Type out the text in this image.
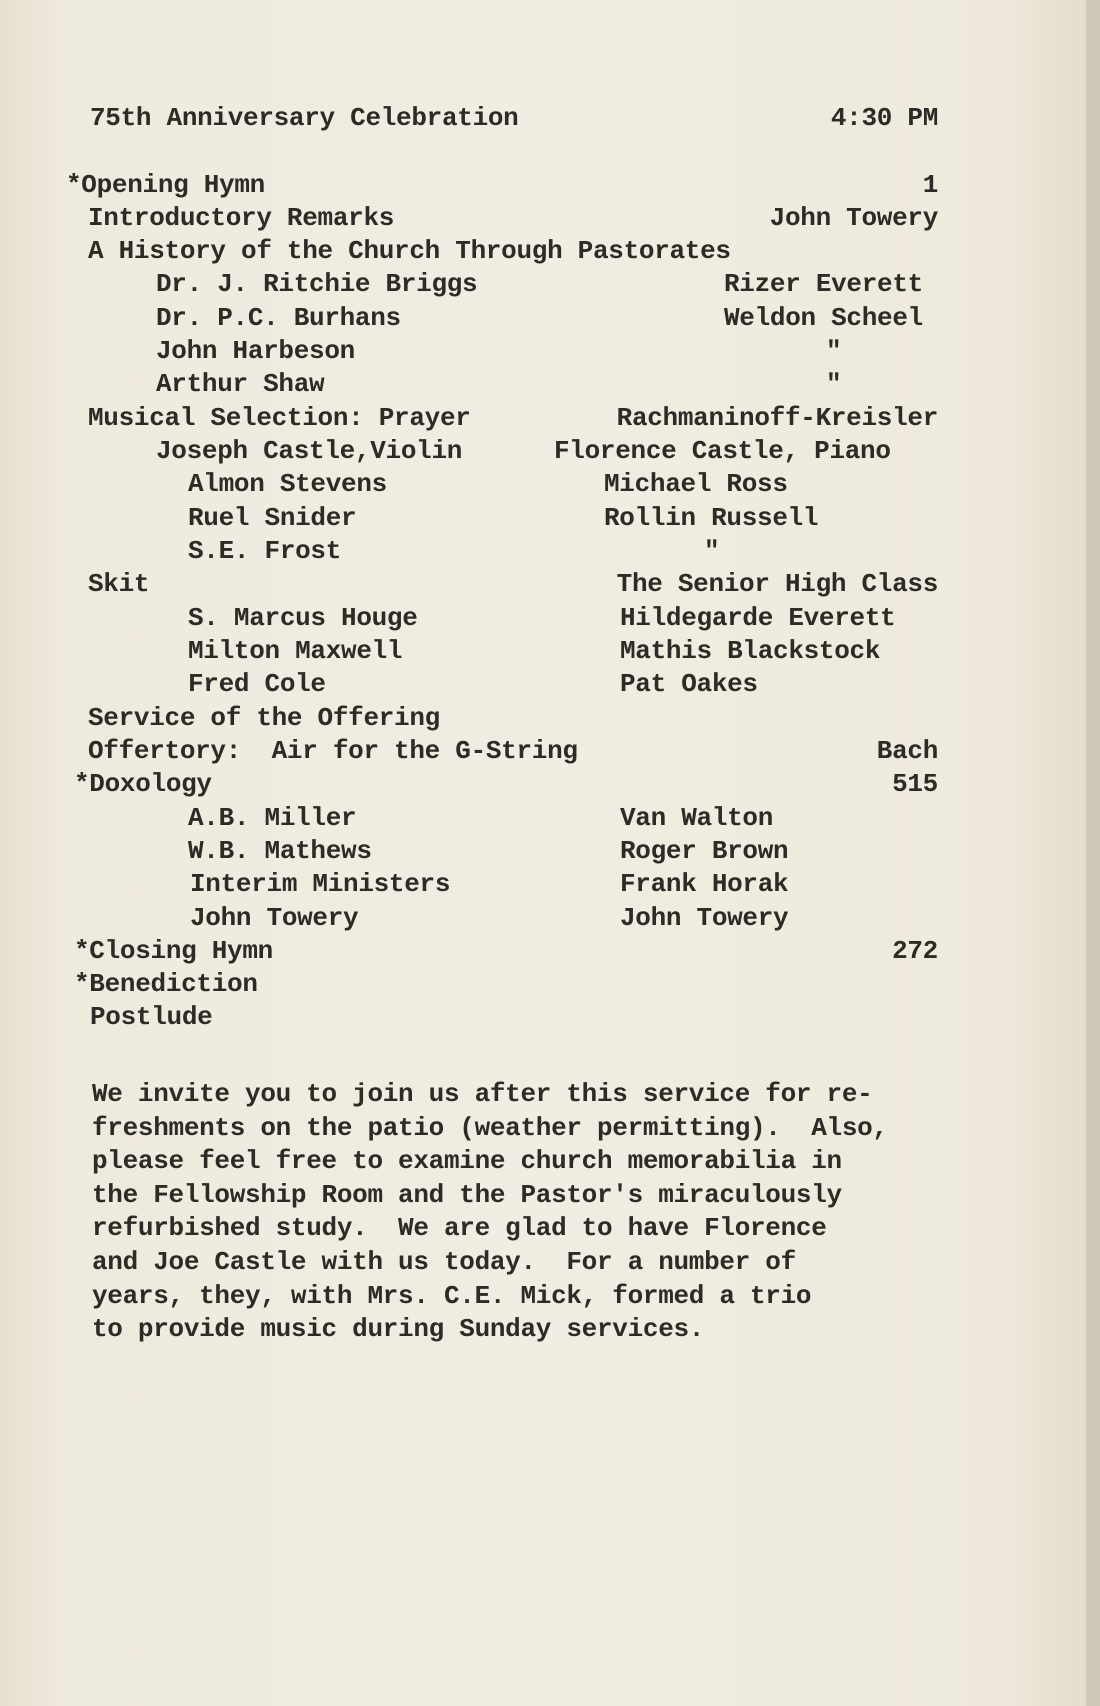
75th Anniversary Celebration	4:30 PM
*Opening Hymn	1
Introductory Remarks	John Towery
A History of the Church Through Pastorates
Dr. J. Ritchie Briggs	Rizer Everett
Dr. P.C. Burhans	Weldon Scheel
John Harbeson	"
Arthur Shaw	"
Musical Selection: Prayer	Rachmaninoff-Kreisler
Joseph Castle,Violin	Florence Castle, Piano
Almon Stevens	Michael Ross
Ruel Snider	Rollin Russell
S.E. Frost	"
Skit	The Senior High Class
S. Marcus Houge	Hildegarde Everett
Milton Maxwell	Mathis Blackstock
Fred Cole	Pat Oakes
Service of the Offering
Offertory:  Air for the G-String	Bach
*Doxology	515
A.B. Miller	Van Walton
W.B. Mathews	Roger Brown
Interim Ministers	Frank Horak
John Towery	John Towery
*Closing Hymn	272
*Benediction
Postlude
We invite you to join us after this service for re-
freshments on the patio (weather permitting).  Also,
please feel free to examine church memorabilia in
the Fellowship Room and the Pastor's miraculously
refurbished study.  We are glad to have Florence
and Joe Castle with us today.  For a number of
years, they, with Mrs. C.E. Mick, formed a trio
to provide music during Sunday services.
